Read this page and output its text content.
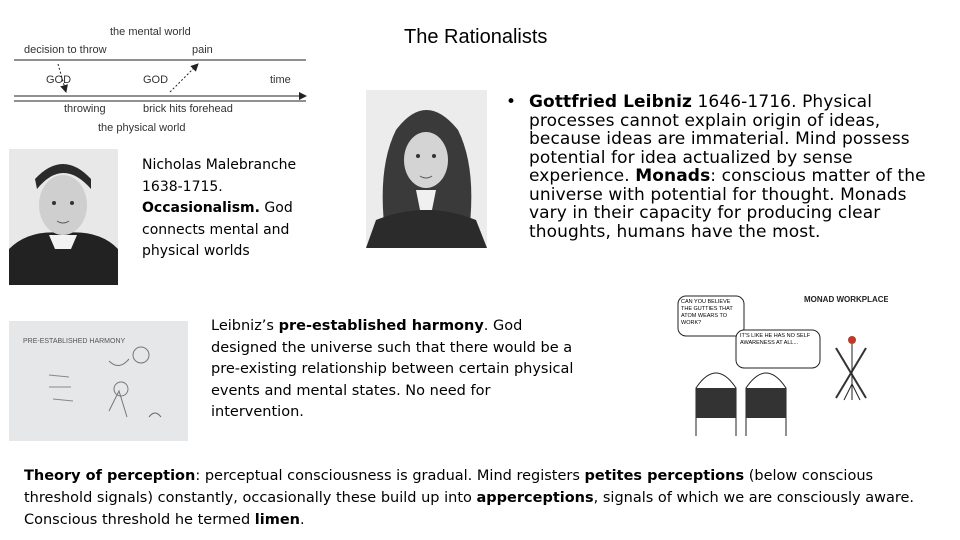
The Rationalists
the mental world
decision to throw	pain
GOD	GOD	time
throwing	brick hits forehead
the physical world
Nicholas Malebranche
1638-1715.
Occasionalism. God connects mental and physical worlds
• Gottfried Leibniz 1646-1716. Physical processes cannot explain origin of ideas, because ideas are immaterial. Mind possess potential for idea actualized by sense experience. Monads: conscious matter of the universe with potential for thought. Monads vary in their capacity for producing clear thoughts, humans have the most.
PRE-ESTABLISHED HARMONY
Leibniz’s pre-established harmony. God designed the universe such that there would be a pre-existing relationship between certain physical events and mental states. No need for intervention.
MONAD WORKPLACE
CAN YOU BELIEVE THE GUTTIES THAT ATOM WEARS TO WORK?
IT'S LIKE HE HAS NO SELF AWARENESS AT ALL...
Theory of perception: perceptual consciousness is gradual. Mind registers petites perceptions (below conscious threshold signals) constantly, occasionally these build up into apperceptions, signals of which we are consciously aware. Conscious threshold he termed limen.
